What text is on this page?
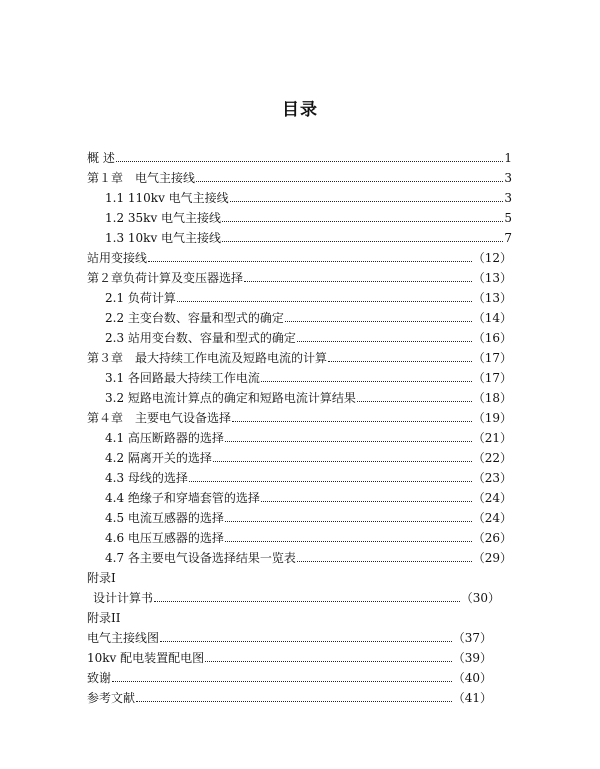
目录
概 述	1
第１章　电气主接线	3
1.1 110kv 电气主接线	3
1.2 35kv 电气主接线	5
1.3 10kv 电气主接线	7
站用变接线	（12）
第２章负荷计算及变压器选择	（13）
2.1 负荷计算	（13）
2.2 主变台数、容量和型式的确定	（14）
2.3 站用变台数、容量和型式的确定	（16）
第３章　最大持续工作电流及短路电流的计算	（17）
3.1 各回路最大持续工作电流	（17）
3.2 短路电流计算点的确定和短路电流计算结果	（18）
第４章　主要电气设备选择	（19）
4.1 高压断路器的选择	（21）
4.2 隔离开关的选择	（22）
4.3 母线的选择	（23）
4.4 绝缘子和穿墙套管的选择	（24）
4.5 电流互感器的选择	（24）
4.6 电压互感器的选择	（26）
4.7 各主要电气设备选择结果一览表	（29）
附录Ⅰ
设计计算书	（30）
附录ⅠⅠ
电气主接线图	（37）
10kv 配电装置配电图	（39）
致谢	（40）
参考文献	（41）
